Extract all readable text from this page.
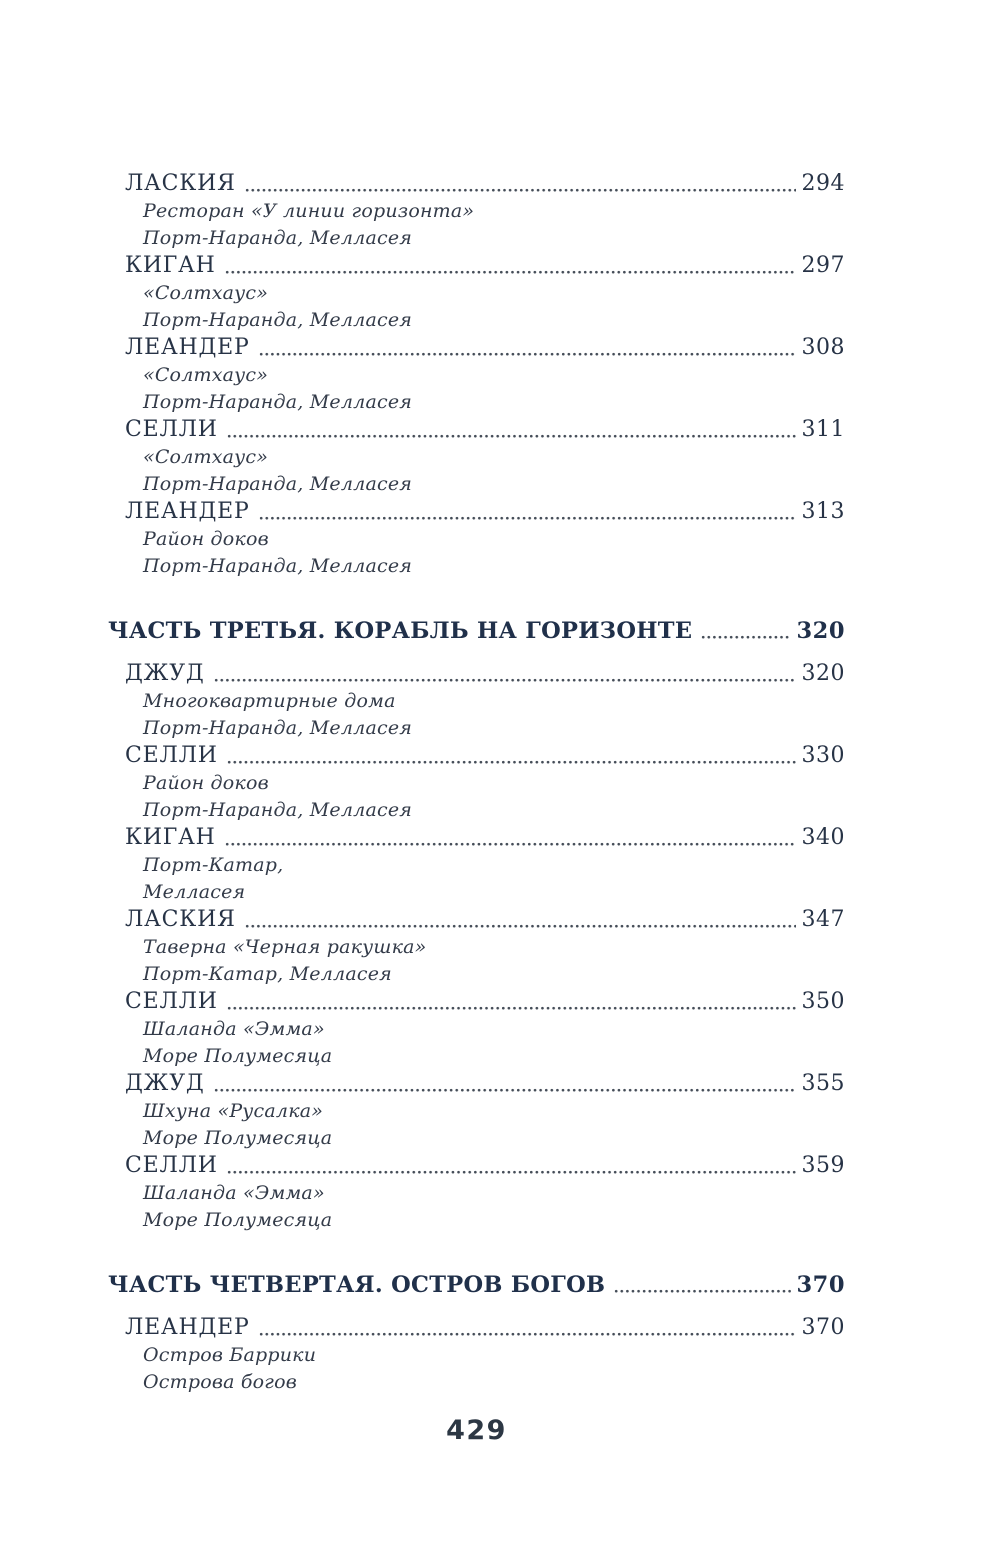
ЛАСКИЯ	294
Ресторан «У линии горизонта»
Порт-Наранда, Мелласея
КИГАН	297
«Солтхаус»
Порт-Наранда, Мелласея
ЛЕАНДЕР	308
«Солтхаус»
Порт-Наранда, Мелласея
СЕЛЛИ	311
«Солтхаус»
Порт-Наранда, Мелласея
ЛЕАНДЕР	313
Район доков
Порт-Наранда, Мелласея
ЧАСТЬ ТРЕТЬЯ. КОРАБЛЬ НА ГОРИЗОНТЕ	320
ДЖУД	320
Многоквартирные дома
Порт-Наранда, Мелласея
СЕЛЛИ	330
Район доков
Порт-Наранда, Мелласея
КИГАН	340
Порт-Катар,
Мелласея
ЛАСКИЯ	347
Таверна «Черная ракушка»
Порт-Катар, Мелласея
СЕЛЛИ	350
Шаланда «Эмма»
Море Полумесяца
ДЖУД	355
Шхуна «Русалка»
Море Полумесяца
СЕЛЛИ	359
Шаланда «Эмма»
Море Полумесяца
ЧАСТЬ ЧЕТВЕРТАЯ. ОСТРОВ БОГОВ	370
ЛЕАНДЕР	370
Остров Баррики
Острова богов
429
